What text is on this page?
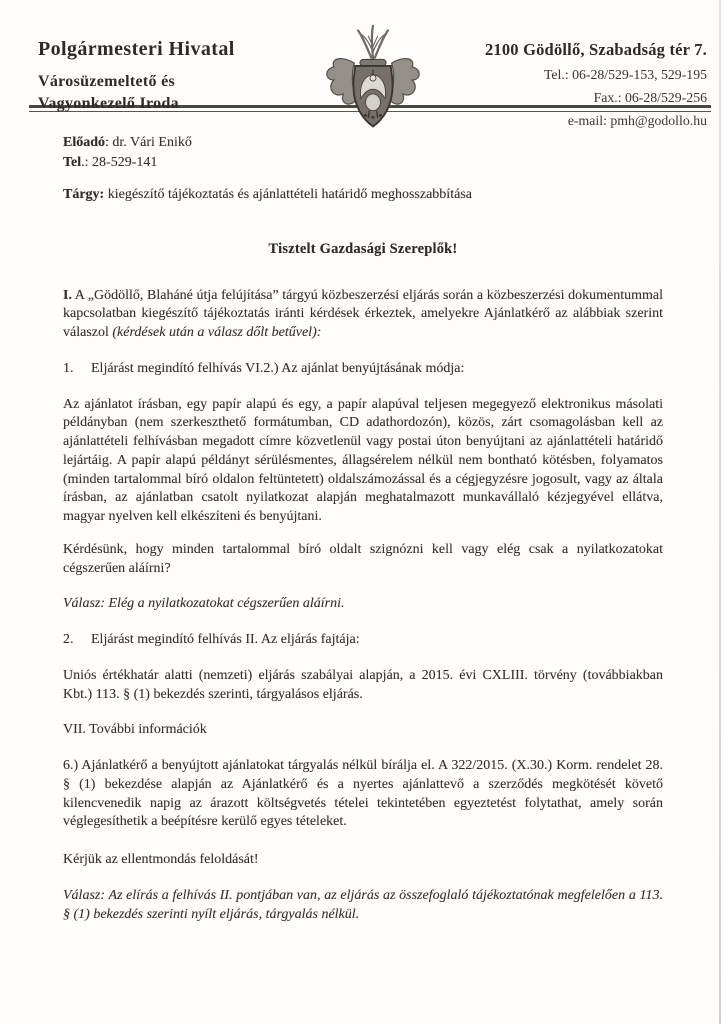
Polgármesteri Hivatal

Városüzemeltető és

Vagyonkezelő Iroda

2100 Gödöllő, Szabadság tér 7.

Tel.: 06-28/529-153, 529-195

Fax.: 06-28/529-256

e-mail: pmh@godollo.hu

Előadó: dr. Vári Enikő

Tel.: 28-529-141

Tárgy: kiegészítő tájékoztatás és ajánlattételi határidő meghosszabbítása

Tisztelt Gazdasági Szereplők!

I. A „Gödöllő, Blaháné útja felújítása” tárgyú közbeszerzési eljárás során a közbeszerzési dokumentummal kapcsolatban kiegészítő tájékoztatás iránti kérdések érkeztek, amelyekre Ajánlatkérő az alábbiak szerint válaszol (kérdések után a válasz dőlt betűvel):

1.	Eljárást megindító felhívás VI.2.) Az ajánlat benyújtásának módja:

Az ajánlatot írásban, egy papír alapú és egy, a papír alapúval teljesen megegyező elektronikus másolati példányban (nem szerkeszthető formátumban, CD adathordozón), közös, zárt csomagolásban kell az ajánlattételi felhívásban megadott címre közvetlenül vagy postai úton benyújtani az ajánlattételi határidő lejártáig. A papír alapú példányt sérülésmentes, állagsérelem nélkül nem bontható kötésben, folyamatos (minden tartalommal bíró oldalon feltüntetett) oldalszámozással és a cégjegyzésre jogosult, vagy az általa írásban, az ajánlatban csatolt nyilatkozat alapján meghatalmazott munkavállaló kézjegyével ellátva, magyar nyelven kell elkészíteni és benyújtani.

Kérdésünk, hogy minden tartalommal bíró oldalt szignózni kell vagy elég csak a nyilatkozatokat cégszerűen aláírni?

Válasz: Elég a nyilatkozatokat cégszerűen aláírni.

2.	Eljárást megindító felhívás II. Az eljárás fajtája:

Uniós értékhatár alatti (nemzeti) eljárás szabályai alapján, a 2015. évi CXLIII. törvény (továbbiakban Kbt.) 113. § (1) bekezdés szerinti, tárgyalásos eljárás.

VII. További információk

6.) Ajánlatkérő a benyújtott ajánlatokat tárgyalás nélkül bírálja el. A 322/2015. (X.30.) Korm. rendelet 28. § (1) bekezdése alapján az Ajánlatkérő és a nyertes ajánlattevő a szerződés megkötését követő kilencvenedik napig az árazott költségvetés tételei tekintetében egyeztetést folytathat, amely során véglegesíthetik a beépítésre kerülő egyes tételeket.

Kérjük az ellentmondás feloldását!

Válasz: Az elírás a felhívás II. pontjában van, az eljárás az összefoglaló tájékoztatónak megfelelően a 113. § (1) bekezdés szerinti nyílt eljárás, tárgyalás nélkül.
